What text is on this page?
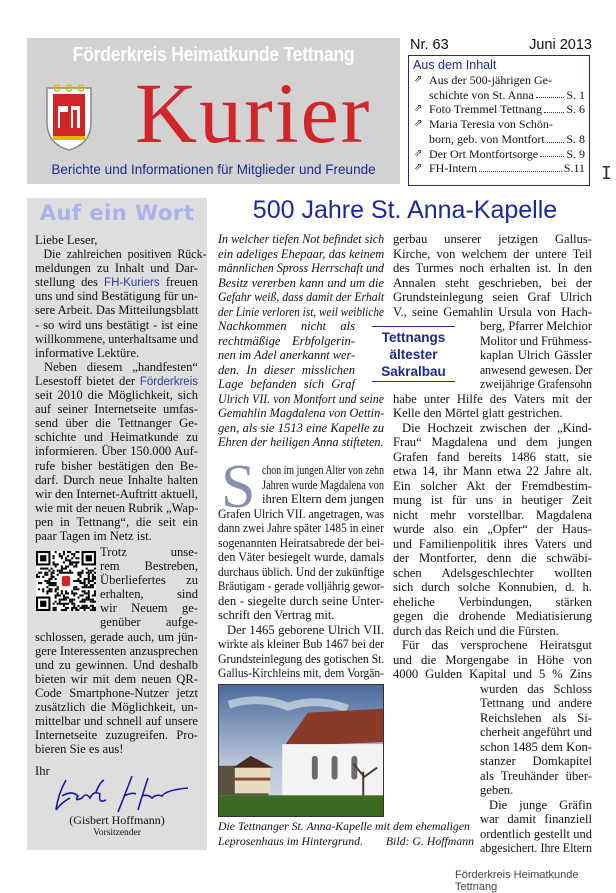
Förderkreis Heimatkunde Tettnang
Kurier
Berichte und Informationen für Mitglieder und Freunde
Nr. 63	Juni 2013
Aus dem Inhalt
⇗ Aus der 500-jährigen Ge-
schichte von St. Anna	S. 1
⇗ Foto Tremmel Tettnang S. 6
⇗ Maria Teresia von Schön-
born, geb. von Montfort S. 8
⇗ Der Ort Montfortsorge S. 9
⇗ FH-Intern	S.11 I
Auf ein Wort
Liebe Leser,
Die zahlreichen positiven Rück-
meldungen zu Inhalt und Dar-
stellung des FH-Kuriers freuen
uns und sind Bestätigung für un-
sere Arbeit. Das Mitteilungsblatt
- so wird uns bestätigt - ist eine
willkommene, unterhaltsame und
informative Lektüre.
Neben diesem „handfesten“
Lesestoff bietet der Förderkreis
seit 2010 die Möglichkeit, sich
auf seiner Internetseite umfas-
send über die Tettnanger Ge-
schichte und Heimatkunde zu
informieren. Über 150.000 Auf-
rufe bisher bestätigen den Be-
darf. Durch neue Inhalte halten
wir den Internet-Auftritt aktuell,
wie mit der neuen Rubrik „Wap-
pen in Tettnang“, die seit ein
paar Tagen im Netz ist.
Trotz unse-
rem Bestreben,
Überliefertes zu
erhalten, sind
wir Neuem ge-
genüber aufge-
schlossen, gerade auch, um jün-
gere Interessenten anzusprechen
und zu gewinnen. Und deshalb
bieten wir mit dem neuen QR-
Code Smartphone-Nutzer jetzt
zusätzlich die Möglichkeit, un-
mittelbar und schnell auf unsere
Internetseite zuzugreifen. Pro-
bieren Sie es aus!
Ihr
(Gisbert Hoffmann)
Vorsitzender
500 Jahre St. Anna-Kapelle
In welcher tiefen Not befindet sich
ein adeliges Ehepaar, das keinem
männlichen Spross Herrschaft und
Besitz vererben kann und um die
Gefahr weiß, dass damit der Erhalt
der Linie verloren ist, weil weibliche
Nachkommen nicht als
rechtmäßige Erbfolgerin-
nen im Adel anerkannt wer-
den. In dieser misslichen
Lage befanden sich Graf
Ulrich VII. von Montfort und seine
Gemahlin Magdalena von Oettin-
gen, als sie 1513 eine Kapelle zu
Ehren der heiligen Anna stifteten.
Tettnangs
ältester
Sakralbau
S chon im jungen Alter von zehn
Jahren wurde Magdalena von
ihren Eltern dem jungen
Grafen Ulrich VII. angetragen, was
dann zwei Jahre später 1485 in einer
sogenannten Heiratsabrede der bei-
den Väter besiegelt wurde, damals
durchaus üblich. Und der zukünftige
Bräutigam - gerade volljährig gewor-
den - siegelte durch seine Unter-
schrift den Vertrag mit.
Der 1465 geborene Ulrich VII.
wirkte als kleiner Bub 1467 bei der
Grundsteinlegung des gotischen St.
Gallus-Kirchleins mit, dem Vorgän-
gerbau unserer jetzigen Gallus-
Kirche, von welchem der untere Teil
des Turmes noch erhalten ist. In den
Annalen steht geschrieben, bei der
Grundsteinlegung seien Graf Ulrich
V., seine Gemahlin Ursula von Hach-
berg, Pfarrer Melchior
Molitor und Frühmess-
kaplan Ulrich Gässler
anwesend gewesen. Der
zweijährige Grafensohn
habe unter Hilfe des Vaters mit der
Kelle den Mörtel glatt gestrichen.
Die Hochzeit zwischen der „Kind-
Frau“ Magdalena und dem jungen
Grafen fand bereits 1486 statt, sie
etwa 14, ihr Mann etwa 22 Jahre alt.
Ein solcher Akt der Fremdbestim-
mung ist für uns in heutiger Zeit
nicht mehr vorstellbar. Magdalena
wurde also ein „Opfer“ der Haus-
und Familienpolitik ihres Vaters und
der Montforter, denn die schwäbi-
schen Adelsgeschlechter wollten
sich durch solche Konnubien, d. h.
eheliche Verbindungen, stärken
gegen die drohende Mediatisierung
durch das Reich und die Fürsten.
Für das versprochene Heiratsgut
und die Morgengabe in Höhe von
4000 Gulden Kapital und 5 % Zins
wurden das Schloss
Tettnang und andere
Reichslehen als Si-
cherheit angeführt und
schon 1485 dem Kon-
stanzer Domkapitel
als Treuhänder über-
geben.
Die junge Gräfin
war damit finanziell
ordentlich gestellt und
abgesichert. Ihre Eltern
Die Tettnanger St. Anna-Kapelle mit dem ehemaligen
Leprosenhaus im Hintergrund. Bild: G. Hoffmann
Förderkreis Heimatkunde Tettnang
